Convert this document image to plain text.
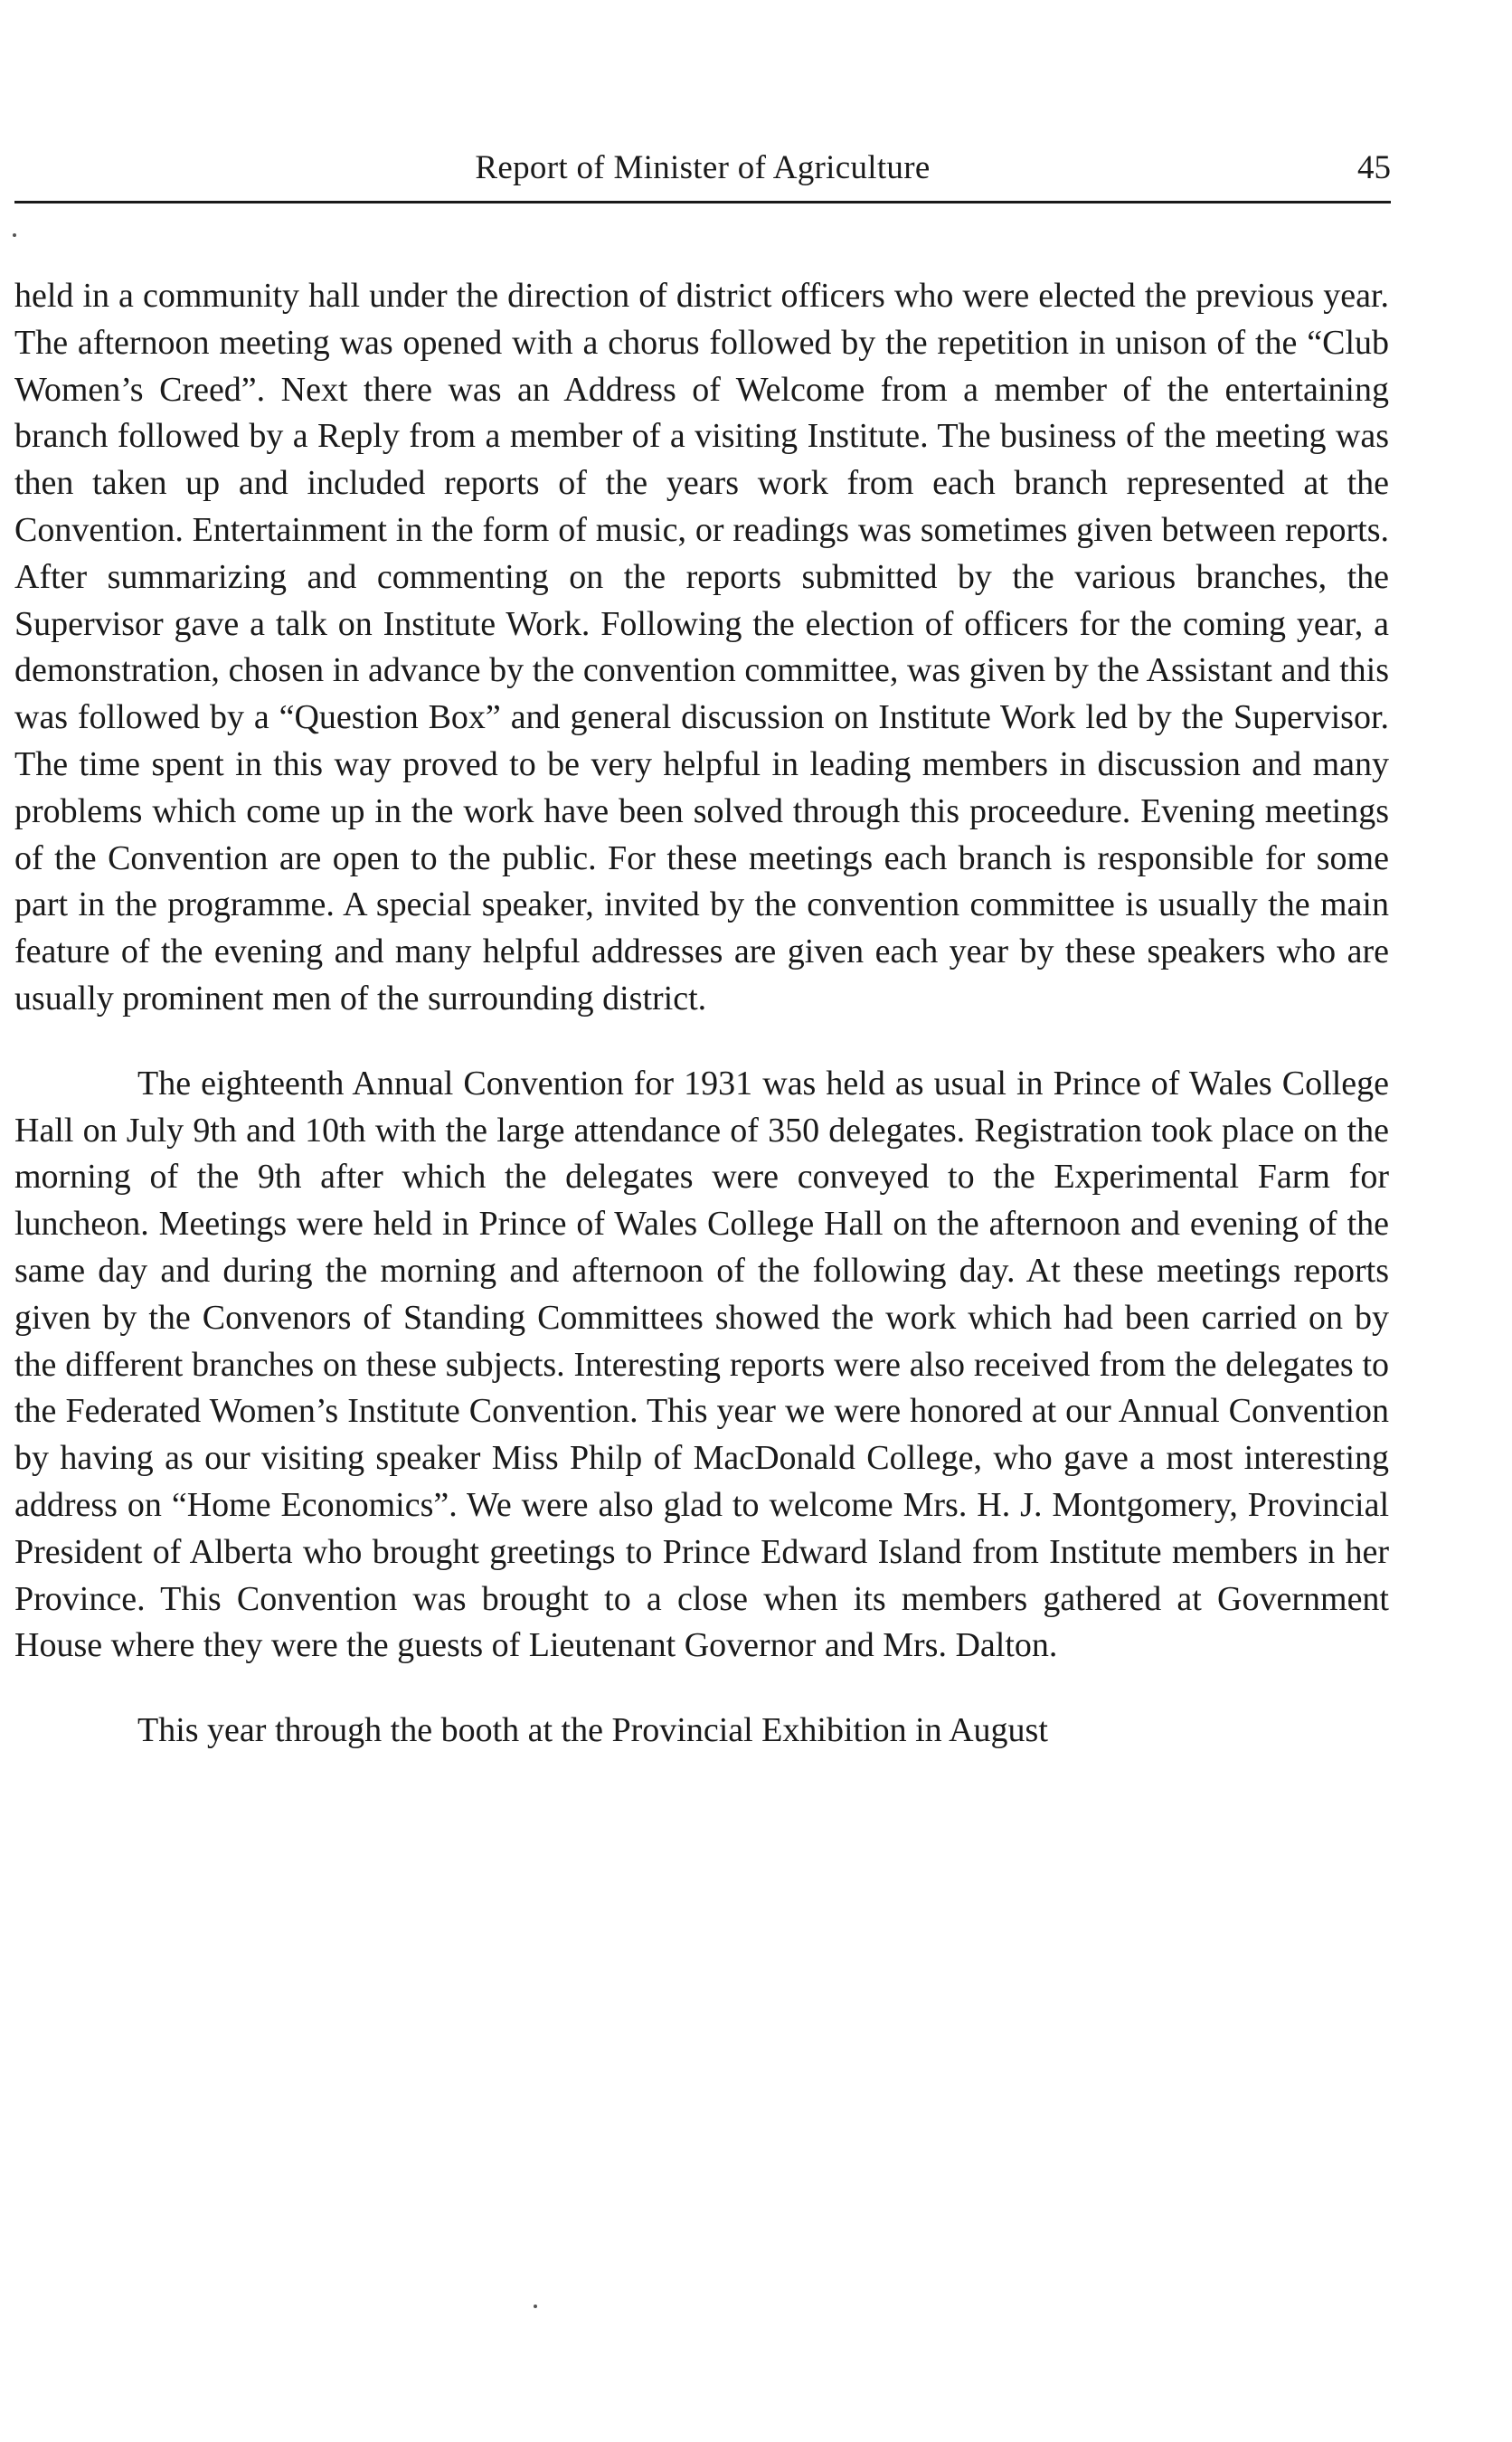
Report of Minister of Agriculture	45

held in a community hall under the direction of district officers who were elected the previous year. The afternoon meeting was opened with a chorus followed by the repetition in unison of the “Club Women’s Creed”. Next there was an Address of Welcome from a member of the entertaining branch followed by a Reply from a member of a visiting Institute. The business of the meeting was then taken up and included reports of the years work from each branch represented at the Convention. Entertainment in the form of music, or readings was sometimes given between reports. After summarizing and commenting on the reports submitted by the various branches, the Supervisor gave a talk on Institute Work. Following the election of officers for the coming year, a demonstration, chosen in advance by the convention committee, was given by the Assistant and this was followed by a “Question Box” and general discussion on Institute Work led by the Supervisor. The time spent in this way proved to be very helpful in leading members in discussion and many problems which come up in the work have been solved through this proceedure. Evening meetings of the Convention are open to the public. For these meetings each branch is responsible for some part in the programme. A special speaker, invited by the convention committee is usually the main feature of the evening and many helpful addresses are given each year by these speakers who are usually prominent men of the surrounding district.

The eighteenth Annual Convention for 1931 was held as usual in Prince of Wales College Hall on July 9th and 10th with the large attendance of 350 delegates. Registration took place on the morning of the 9th after which the delegates were conveyed to the Experimental Farm for luncheon. Meetings were held in Prince of Wales College Hall on the afternoon and evening of the same day and during the morning and afternoon of the following day. At these meetings reports given by the Convenors of Standing Committees showed the work which had been carried on by the different branches on these subjects. Interesting reports were also received from the delegates to the Federated Women’s Institute Convention. This year we were honored at our Annual Convention by having as our visiting speaker Miss Philp of MacDonald College, who gave a most interesting address on “Home Economics”. We were also glad to welcome Mrs. H. J. Montgomery, Provincial President of Alberta who brought greetings to Prince Edward Island from Institute members in her Province. This Convention was brought to a close when its members gathered at Government House where they were the guests of Lieutenant Governor and Mrs. Dalton.

This year through the booth at the Provincial Exhibition in August
